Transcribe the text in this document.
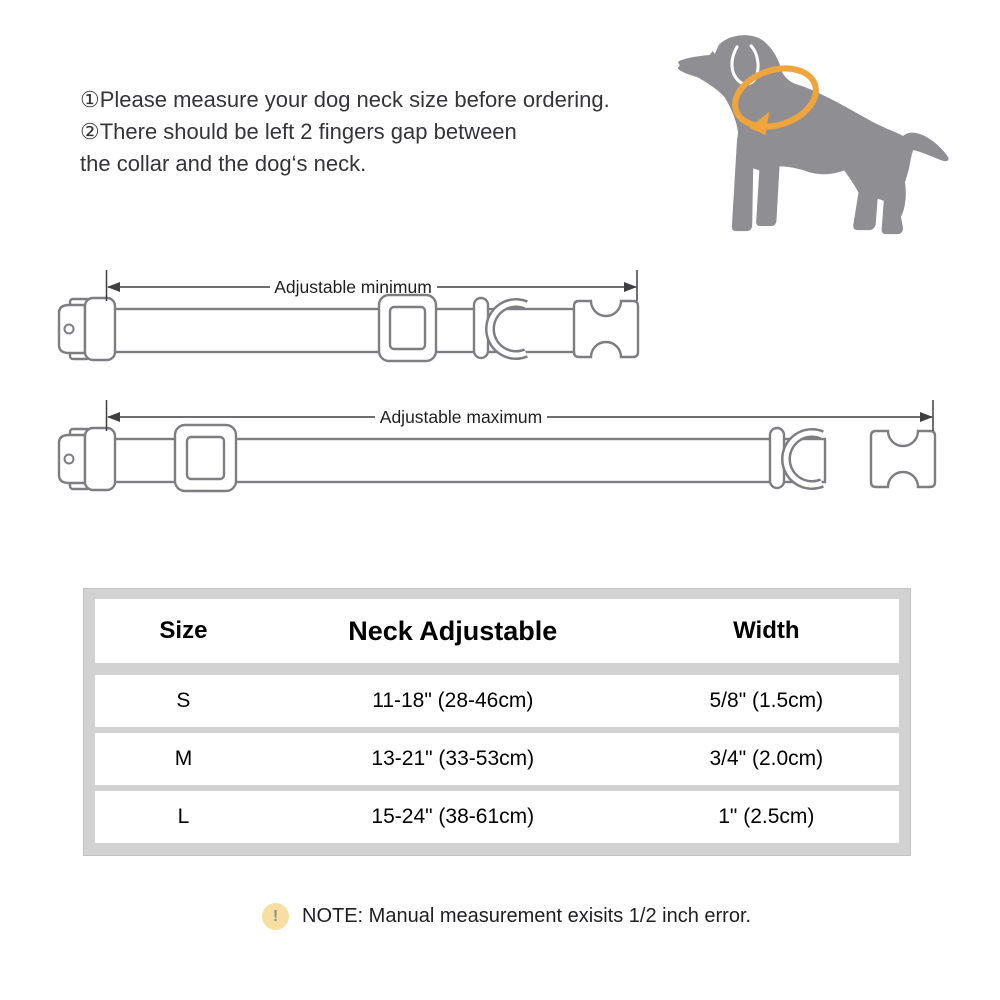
①Please measure your dog neck size before ordering.
②There should be left 2 fingers gap between
the collar and the dog‘s neck.
Adjustable minimum
Adjustable maximum
Size	Neck Adjustable	Width
S	11-18" (28-46cm)	5/8" (1.5cm)
M	13-21" (33-53cm)	3/4" (2.0cm)
L	15-24" (38-61cm)	1" (2.5cm)
!	NOTE: Manual measurement exisits 1/2 inch error.
